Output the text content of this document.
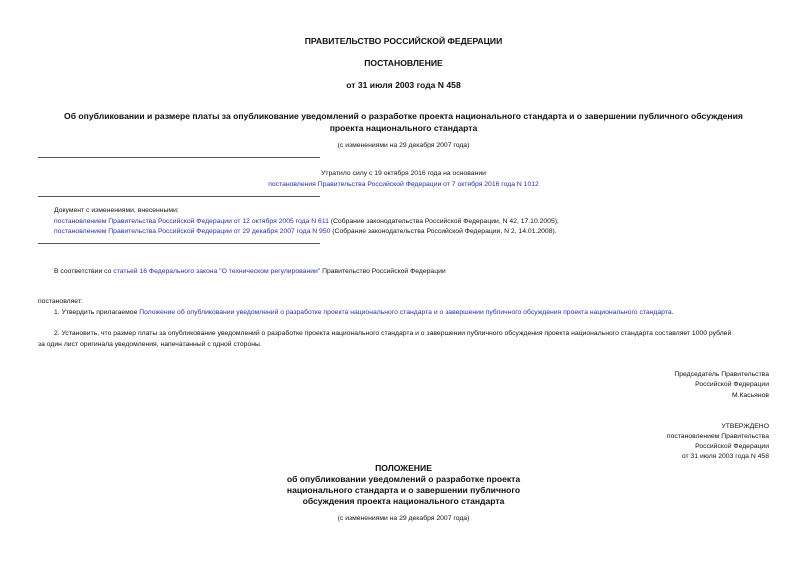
ПРАВИТЕЛЬСТВО РОССИЙСКОЙ ФЕДЕРАЦИИ
ПОСТАНОВЛЕНИЕ
от 31 июля 2003 года N 458
Об опубликовании и размере платы за опубликование уведомлений о разработке проекта национального стандарта и о завершении публичного обсуждения
проекта национального стандарта
(с изменениями на 29 декабря 2007 года)
Утратило силу с 19 октября 2016 года на основании
постановления Правительства Российской Федерации от 7 октября 2016 года N 1012
Документ с изменениями, внесенными:
постановлением Правительства Российской Федерации от 12 октября 2005 года N 611 (Собрание законодательства Российской Федерации, N 42, 17.10.2005);
постановлением Правительства Российской Федерации от 29 декабря 2007 года N 950 (Собрание законодательства Российской Федерации, N 2, 14.01.2008).
В соответствии со статьей 16 Федерального закона "О техническом регулировании" Правительство Российской Федерации
постановляет:
1. Утвердить прилагаемое Положение об опубликовании уведомлений о разработке проекта национального стандарта и о завершении публичного обсуждения проекта национального стандарта.
2. Установить, что размер платы за опубликование уведомлений о разработке проекта национального стандарта и о завершении публичного обсуждения проекта национального стандарта составляет 1000 рублей
за один лист оригинала уведомления, напечатанный с одной стороны.
Председатель Правительства
Российской Федерации
М.Касьянов
УТВЕРЖДЕНО
постановлением Правительства
Российской Федерации
от 31 июля 2003 года N 458
ПОЛОЖЕНИЕ
об опубликовании уведомлений о разработке проекта
национального стандарта и о завершении публичного
обсуждения проекта национального стандарта
(с изменениями на 29 декабря 2007 года)
